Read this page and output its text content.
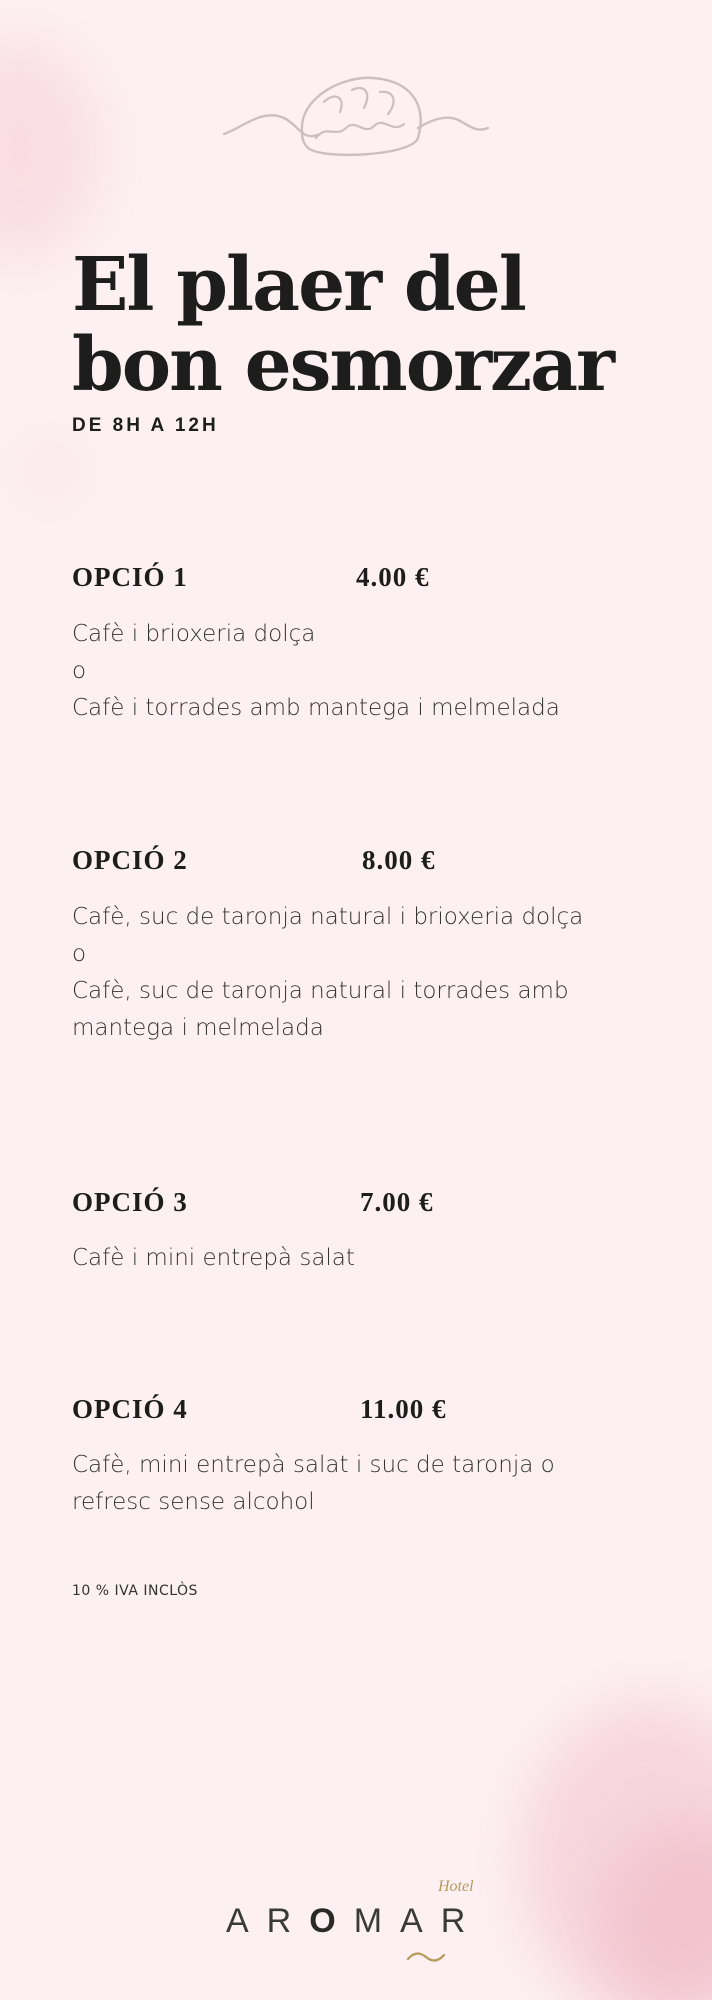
El plaer del
bon esmorzar
DE 8H A 12H
OPCIÓ 1	4.00 €
Cafè i brioxeria dolça
o
Cafè i torrades amb mantega i melmelada
OPCIÓ 2	8.00 €
Cafè, suc de taronja natural i brioxeria dolça
o
Cafè, suc de taronja natural i torrades amb
mantega i melmelada
OPCIÓ 3	7.00 €
Cafè i mini entrepà salat
OPCIÓ 4	11.00 €
Cafè, mini entrepà salat i suc de taronja o
refresc sense alcohol
10 % IVA INCLÒS
Hotel
AROMAR
